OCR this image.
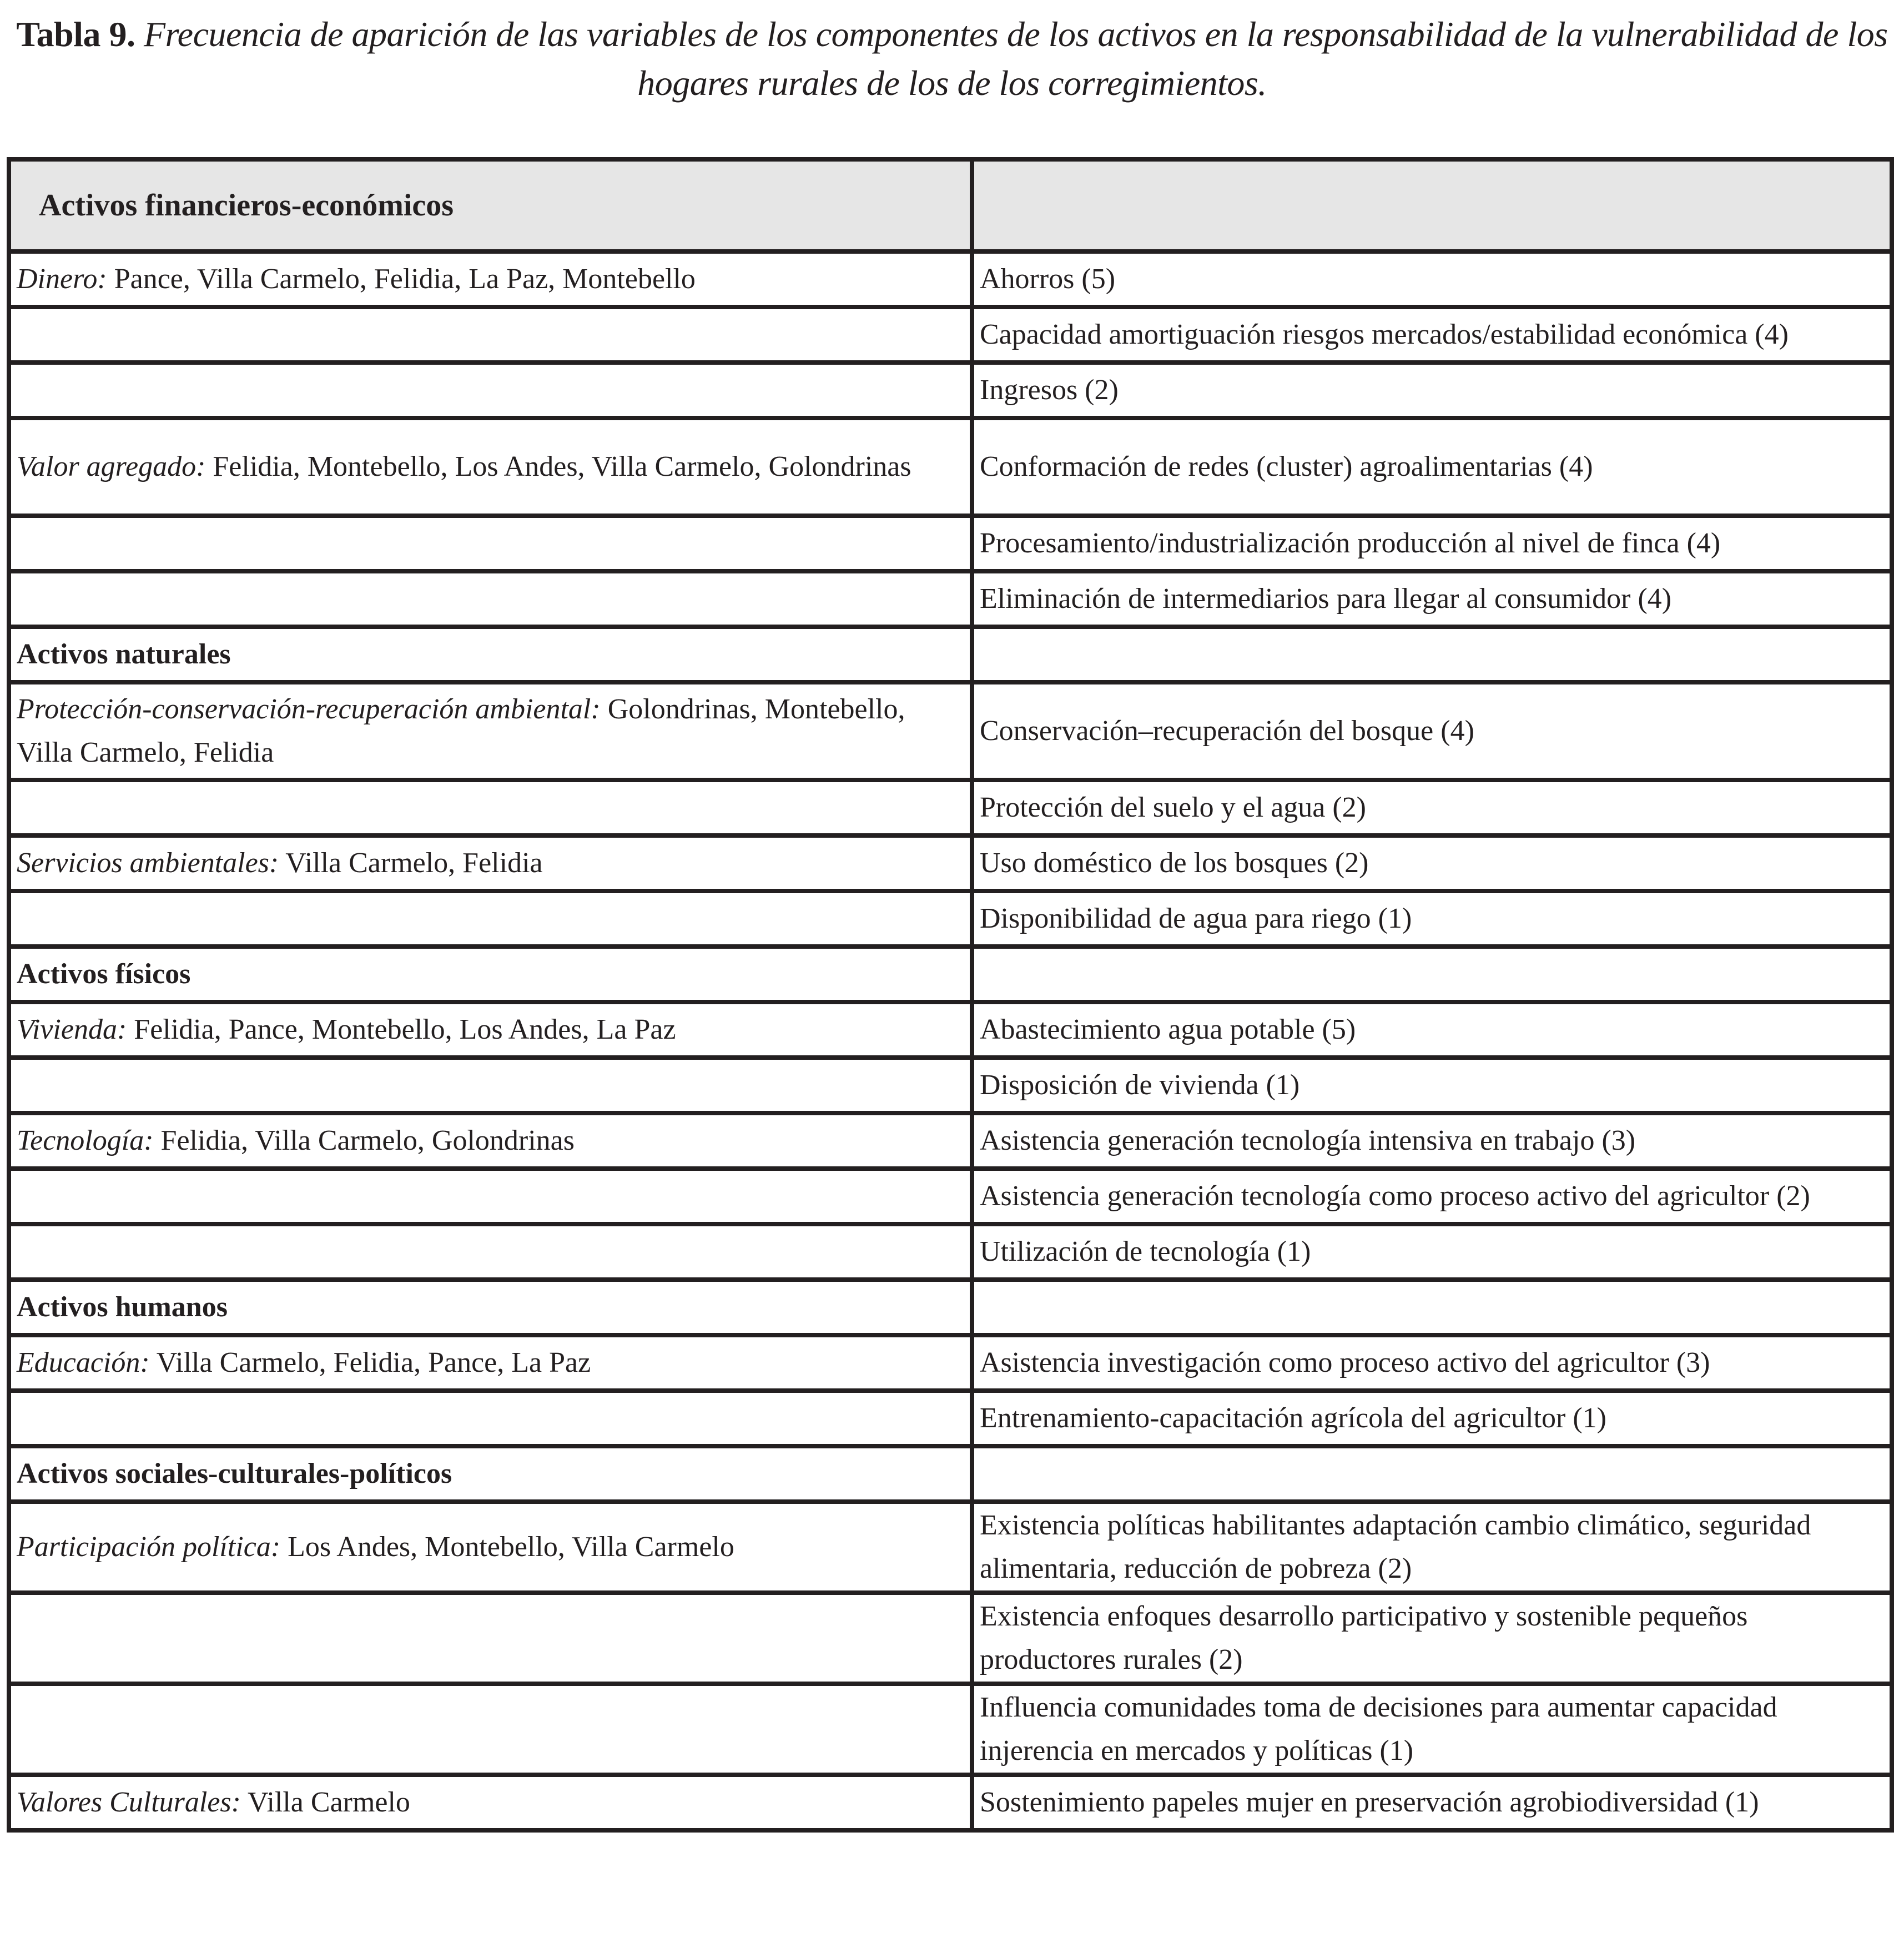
Tabla 9. Frecuencia de aparición de las variables de los componentes de los activos en la responsabilidad de la vulnerabilidad de los hogares rurales de los de los corregimientos.
Activos financieros-económicos	
Dinero: Pance, Villa Carmelo, Felidia, La Paz, Montebello	Ahorros (5)
	Capacidad amortiguación riesgos mercados/estabilidad económica (4)
	Ingresos (2)
Valor agregado: Felidia, Montebello, Los Andes, Villa Carmelo, Golondrinas	Conformación de redes (cluster) agroalimentarias (4)
	Procesamiento/industrialización producción al nivel de finca (4)
	Eliminación de intermediarios para llegar al consumidor (4)
Activos naturales	
Protección-conservación-recuperación ambiental: Golondrinas, Montebello, Villa Carmelo, Felidia	Conservación–recuperación del bosque (4)
	Protección del suelo y el agua (2)
Servicios ambientales: Villa Carmelo, Felidia	Uso doméstico de los bosques (2)
	Disponibilidad de agua para riego (1)
Activos físicos	
Vivienda: Felidia, Pance, Montebello, Los Andes, La Paz	Abastecimiento agua potable (5)
	Disposición de vivienda (1)
Tecnología: Felidia, Villa Carmelo, Golondrinas	Asistencia generación tecnología intensiva en trabajo (3)
	Asistencia generación tecnología como proceso activo del agricultor (2)
	Utilización de tecnología (1)
Activos humanos	
Educación: Villa Carmelo, Felidia, Pance, La Paz	Asistencia investigación como proceso activo del agricultor (3)
	Entrenamiento-capacitación agrícola del agricultor (1)
Activos sociales-culturales-políticos	
Participación política: Los Andes, Montebello, Villa Carmelo	Existencia políticas habilitantes adaptación cambio climático, seguridad alimentaria, reducción de pobreza (2)
	Existencia enfoques desarrollo participativo y sostenible pequeños productores rurales (2)
	Influencia comunidades toma de decisiones para aumentar capacidad injerencia en mercados y políticas (1)
Valores Culturales: Villa Carmelo	Sostenimiento papeles mujer en preservación agrobiodiversidad (1)
